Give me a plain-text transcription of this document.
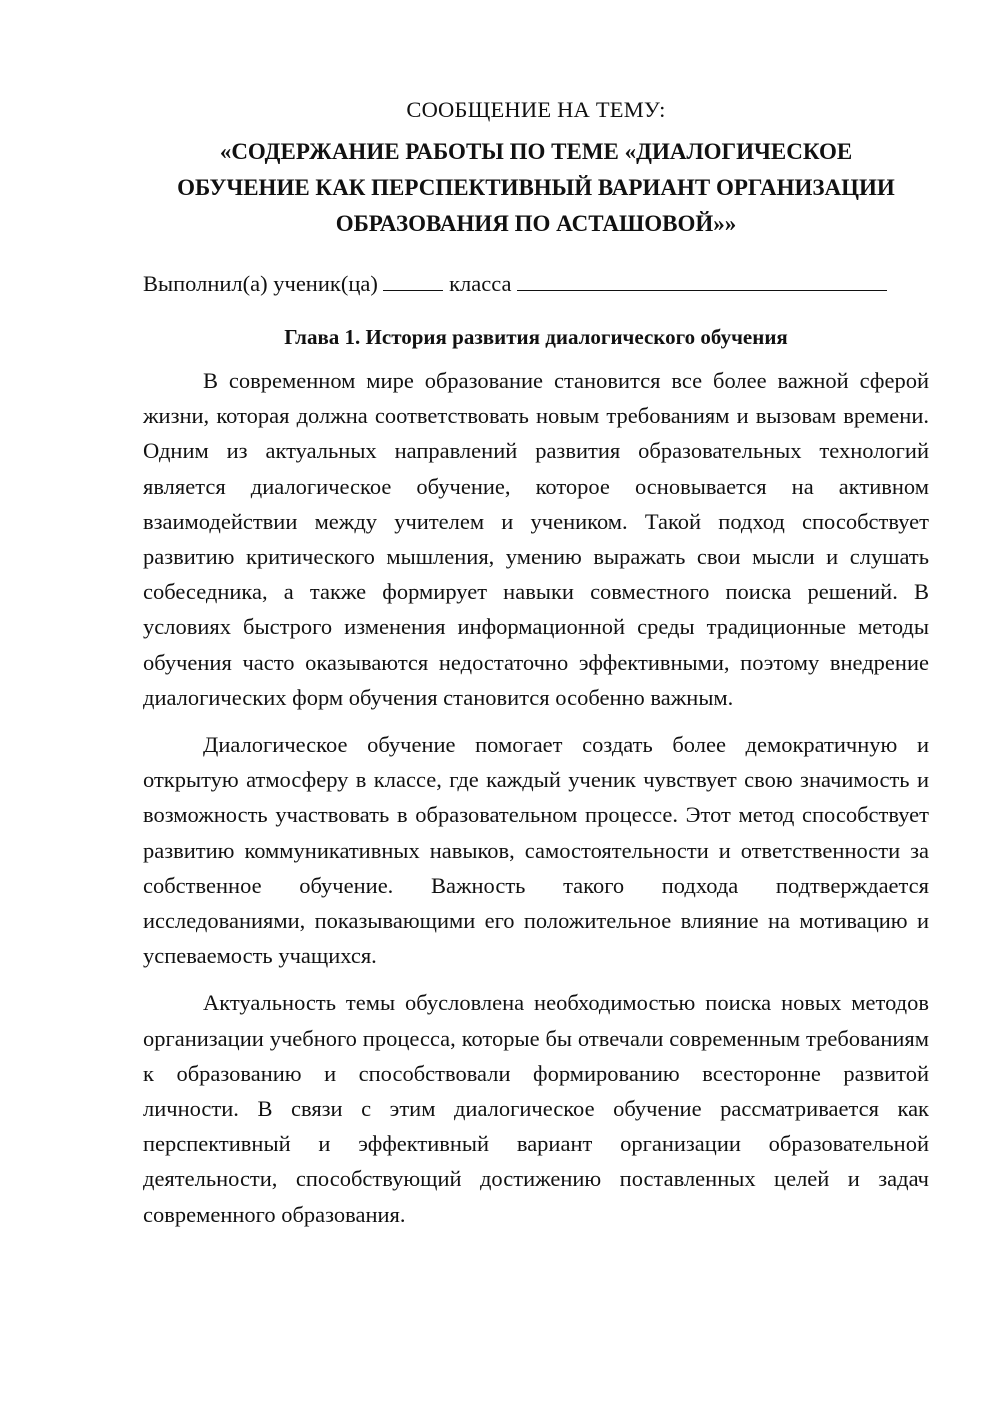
СООБЩЕНИЕ НА ТЕМУ:
«СОДЕРЖАНИЕ РАБОТЫ ПО ТЕМЕ «ДИАЛОГИЧЕСКОЕ
ОБУЧЕНИЕ КАК ПЕРСПЕКТИВНЫЙ ВАРИАНТ ОРГАНИЗАЦИИ
ОБРАЗОВАНИЯ ПО АСТАШОВОЙ»»
Выполнил(а) ученик(ца)	класса
Глава 1. История развития диалогического обучения

В современном мире образование становится все более важной сферой жизни, которая должна соответствовать новым требованиям и вызовам времени. Одним из актуальных направлений развития образовательных технологий является диалогическое обучение, которое основывается на активном взаимодействии между учителем и учеником. Такой подход способствует развитию критического мышления, умению выражать свои мысли и слушать собеседника, а также формирует навыки совместного поиска решений. В условиях быстрого изменения информационной среды традиционные методы обучения часто оказываются недостаточно эффективными, поэтому внедрение диалогических форм обучения становится особенно важным.

Диалогическое обучение помогает создать более демократичную и открытую атмосферу в классе, где каждый ученик чувствует свою значимость и возможность участвовать в образовательном процессе. Этот метод способствует развитию коммуникативных навыков, самостоятельности и ответственности за собственное обучение. Важность такого подхода подтверждается исследованиями, показывающими его положительное влияние на мотивацию и успеваемость учащихся.

Актуальность темы обусловлена необходимостью поиска новых методов организации учебного процесса, которые бы отвечали современным требованиям к образованию и способствовали формированию всесторонне развитой личности. В связи с этим диалогическое обучение рассматривается как перспективный и эффективный вариант организации образовательной деятельности, способствующий достижению поставленных целей и задач современного образования.
